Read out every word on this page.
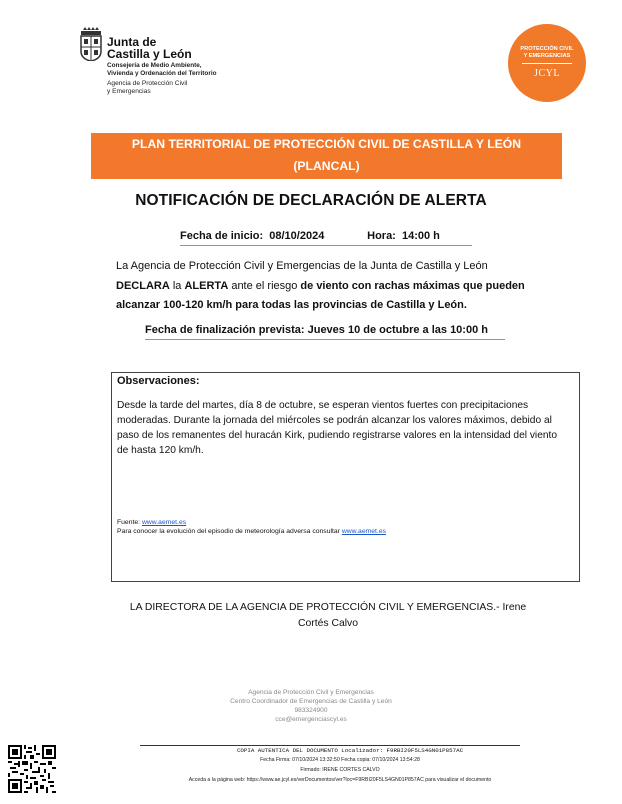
Junta de
Castilla y León
Consejería de Medio Ambiente,
Vivienda y Ordenación del Territorio
Agencia de Protección Civil
y Emergencias
PROTECCIÓN CIVIL
Y EMERGENCIAS
JCYL
PLAN TERRITORIAL DE PROTECCIÓN CIVIL DE CASTILLA Y LEÓN
(PLANCAL)
NOTIFICACIÓN DE DECLARACIÓN DE ALERTA
Fecha de inicio: 08/10/2024	Hora: 14:00 h
La Agencia de Protección Civil y Emergencias de la Junta de Castilla y León
DECLARA la ALERTA ante el riesgo de viento con rachas máximas que pueden
alcanzar 100-120 km/h para todas las provincias de Castilla y León.
Fecha de finalización prevista: Jueves 10 de octubre a las 10:00 h
Observaciones:
Desde la tarde del martes, día 8 de octubre, se esperan vientos fuertes con precipitaciones moderadas. Durante la jornada del miércoles se podrán alcanzar los valores máximos, debido al paso de los remanentes del huracán Kirk, pudiendo registrarse valores en la intensidad del viento de hasta 120 km/h.
Fuente: www.aemet.es
Para conocer la evolución del episodio de meteorología adversa consultar www.aemet.es
LA DIRECTORA DE LA AGENCIA DE PROTECCIÓN CIVIL Y EMERGENCIAS.- Irene
Cortés Calvo
Agencia de Protección Civil y Emergencias
Centro Coordinador de Emergencias de Castilla y León
983324900
cce@emergenciascyl.es
COPIA AUTENTICA DEL DOCUMENTO Localizador: F9RBI20F5LS4GN01P857AC
Fecha Firma: 07/10/2024 13:32:50 Fecha copia: 07/10/2024 13:54:28
Firmado: IRENE CORTES CALVO
Acceda a la página web: https://www.ae.jcyl.es/verDocumentos/ver?loc=F9RBI20F5LS4GN01P857AC para visualizar el documento
